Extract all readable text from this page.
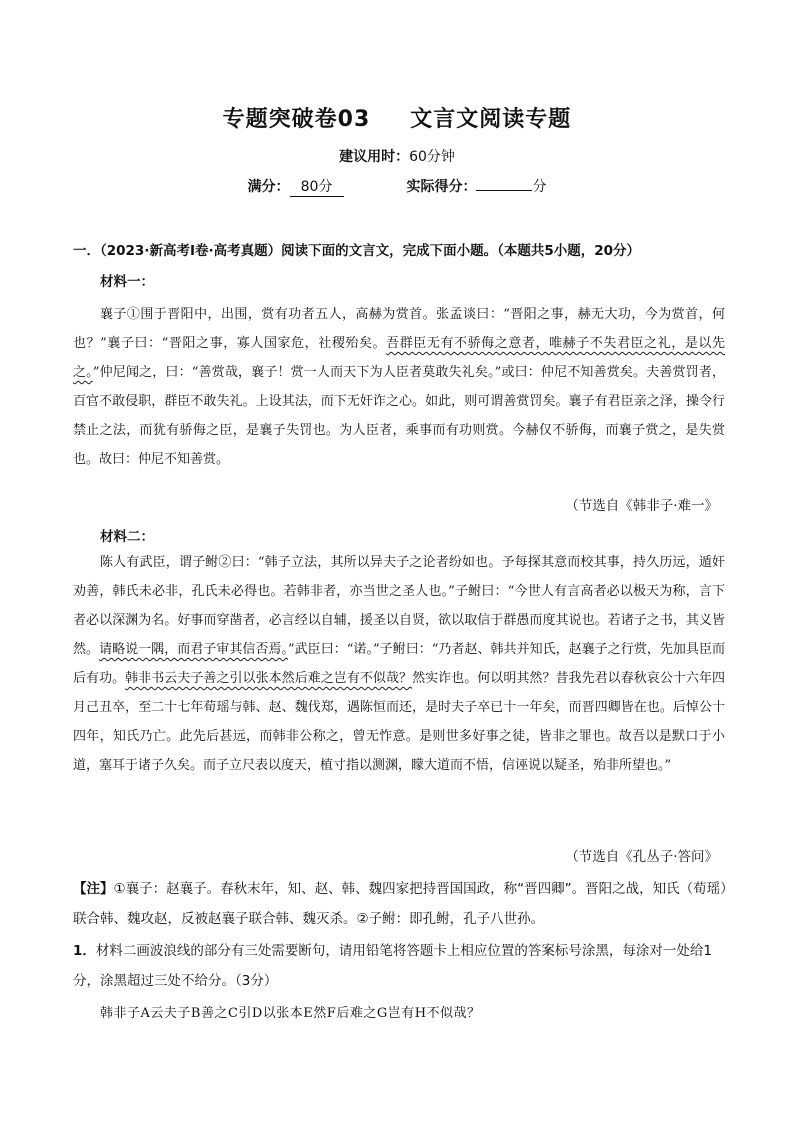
专题突破卷03 文言文阅读专题
建议用时：60分钟
满分： 80分	实际得分：	分
一．（2023·新高考Ⅰ卷·高考真题）阅读下面的文言文，完成下面小题。（本题共5小题，20分）
材料一：

襄子①围于晋阳中，出围，赏有功者五人，高赫为赏首。张孟谈曰：“晋阳之事，赫无大功，今为赏首，何也？”襄子曰：“晋阳之事，寡人国家危，社稷殆矣。吾群臣无有不骄侮之意者，唯赫子不失君臣之礼，是以先之。”仲尼闻之，曰：“善赏哉，襄子！赏一人而天下为人臣者莫敢失礼矣。”或曰：仲尼不知善赏矣。夫善赏罚者，百官不敢侵职，群臣不敢失礼。上设其法，而下无奸诈之心。如此，则可谓善赏罚矣。襄子有君臣亲之泽，操令行禁止之法，而犹有骄侮之臣，是襄子失罚也。为人臣者，乘事而有功则赏。今赫仅不骄侮，而襄子赏之，是失赏也。故曰：仲尼不知善赏。

（节选自《韩非子·难一》
材料二：

陈人有武臣，谓子鲋②曰：“韩子立法，其所以异夫子之论者纷如也。予每探其意而校其事，持久历远，遁奸劝善，韩氏未必非，孔氏未必得也。若韩非者，亦当世之圣人也。”子鲋曰：“今世人有言高者必以极天为称，言下者必以深渊为名。好事而穿凿者，必言经以自辅，援圣以自贤，欲以取信于群愚而度其说也。若诸子之书，其义皆然。请略说一隅，而君子审其信否焉。”武臣曰：“诺。”子鲋曰：“乃者赵、韩共并知氏，赵襄子之行赏，先加具臣而后有功。韩非书云夫子善之引以张本然后难之岂有不似哉？然实诈也。何以明其然？昔我先君以春秋哀公十六年四月己丑卒，至二十七年荀瑶与韩、赵、魏伐郑，遇陈恒而还，是时夫子卒已十一年矣，而晋四卿皆在也。后悼公十四年，知氏乃亡。此先后甚远，而韩非公称之，曾无怍意。是则世多好事之徒，皆非之罪也。故吾以是默口于小道，塞耳于诸子久矣。而子立尺表以度天，植寸指以测渊，矇大道而不悟，信诬说以疑圣，殆非所望也。”

（节选自《孔丛子·答问》
【注】①襄子：赵襄子。春秋末年，知、赵、韩、魏四家把持晋国国政，称“晋四卿”。晋阳之战，知氏（荀瑶）联合韩、魏攻赵，反被赵襄子联合韩、魏灭杀。②子鲋：即孔鲋，孔子八世孙。
1．材料二画波浪线的部分有三处需要断句，请用铅笔将答题卡上相应位置的答案标号涂黑，每涂对一处给1分，涂黑超过三处不给分。（3分）
韩非子A云夫子B善之C引D以张本E然F后难之G岂有H不似哉？
